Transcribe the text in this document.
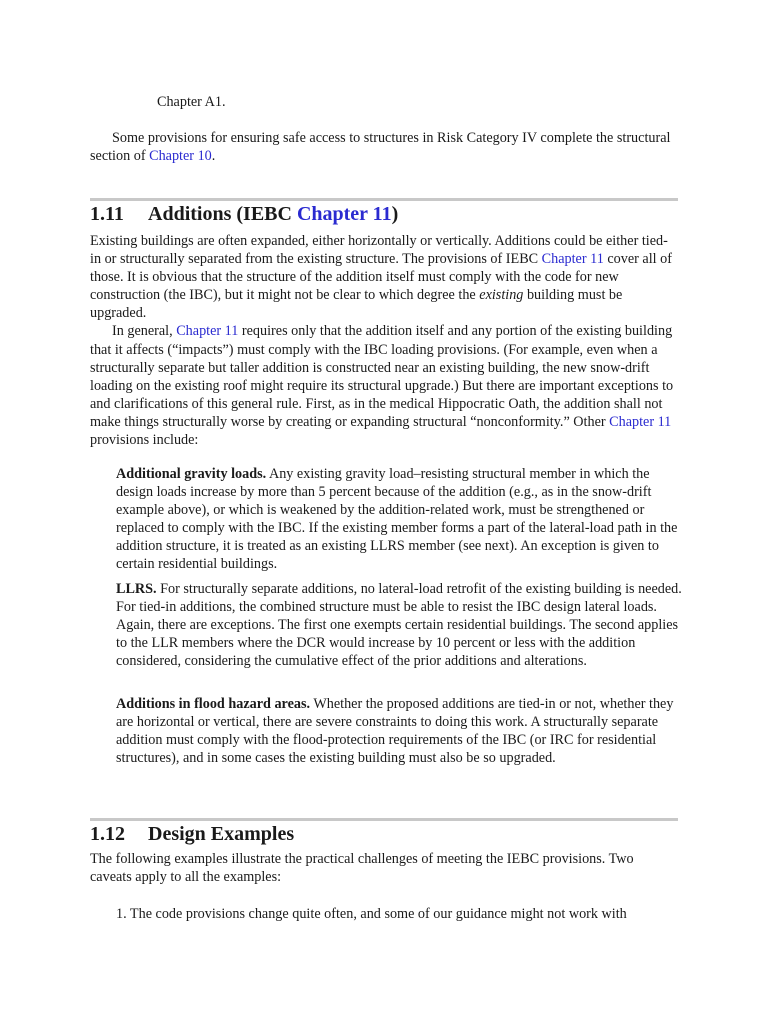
Chapter A1.

Some provisions for ensuring safe access to structures in Risk Category IV complete the structural section of Chapter 10.

1.11 Additions (IEBC Chapter 11)

Existing buildings are often expanded, either horizontally or vertically. Additions could be either tied-in or structurally separated from the existing structure. The provisions of IEBC Chapter 11 cover all of those. It is obvious that the structure of the addition itself must comply with the code for new construction (the IBC), but it might not be clear to which degree the existing building must be upgraded.

In general, Chapter 11 requires only that the addition itself and any portion of the existing building that it affects (“impacts”) must comply with the IBC loading provisions. (For example, even when a structurally separate but taller addition is constructed near an existing building, the new snow-drift loading on the existing roof might require its structural upgrade.) But there are important exceptions to and clarifications of this general rule. First, as in the medical Hippocratic Oath, the addition shall not make things structurally worse by creating or expanding structural “nonconformity.” Other Chapter 11 provisions include:

Additional gravity loads. Any existing gravity load–resisting structural member in which the design loads increase by more than 5 percent because of the addition (e.g., as in the snow-drift example above), or which is weakened by the addition-related work, must be strengthened or replaced to comply with the IBC. If the existing member forms a part of the lateral-load path in the addition structure, it is treated as an existing LLRS member (see next). An exception is given to certain residential buildings.

LLRS. For structurally separate additions, no lateral-load retrofit of the existing building is needed. For tied-in additions, the combined structure must be able to resist the IBC design lateral loads. Again, there are exceptions. The first one exempts certain residential buildings. The second applies to the LLR members where the DCR would increase by 10 percent or less with the addition considered, considering the cumulative effect of the prior additions and alterations.

Additions in flood hazard areas. Whether the proposed additions are tied-in or not, whether they are horizontal or vertical, there are severe constraints to doing this work. A structurally separate addition must comply with the flood-protection requirements of the IBC (or IRC for residential structures), and in some cases the existing building must also be so upgraded.

1.12 Design Examples

The following examples illustrate the practical challenges of meeting the IEBC provisions. Two caveats apply to all the examples:

1. The code provisions change quite often, and some of our guidance might not work with
